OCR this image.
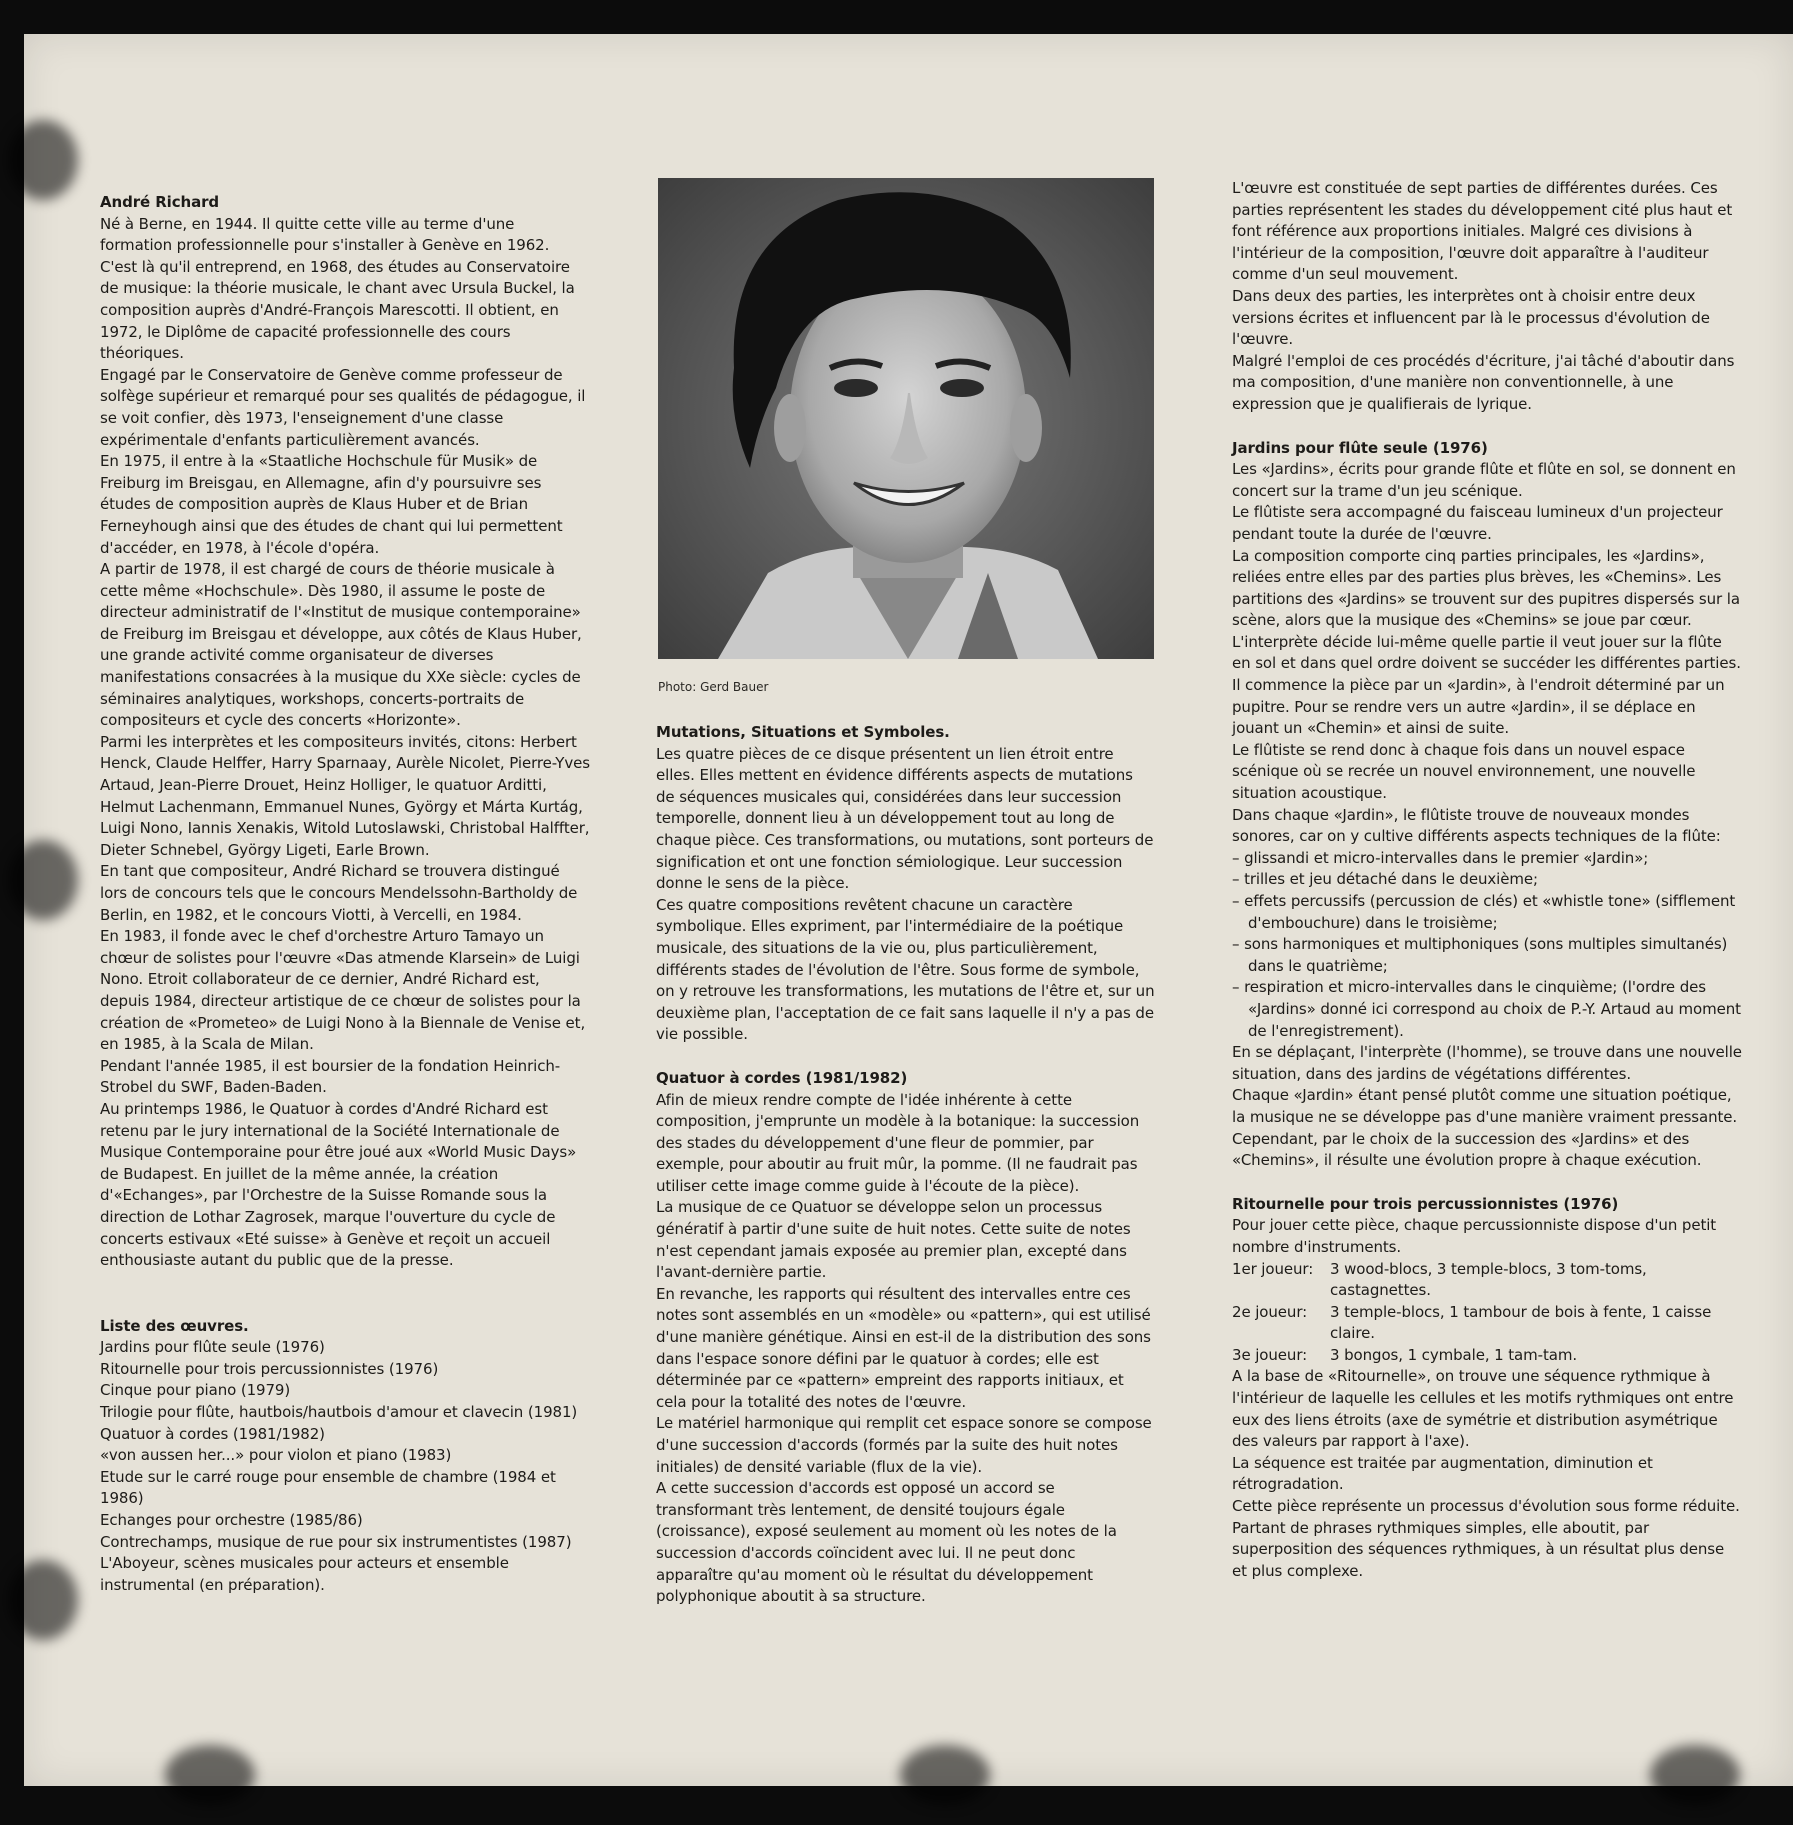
André Richard

Né à Berne, en 1944. Il quitte cette ville au terme d'une formation professionnelle pour s'installer à Genève en 1962. C'est là qu'il entreprend, en 1968, des études au Conservatoire de musique: la théorie musicale, le chant avec Ursula Buckel, la composition auprès d'André-François Marescotti. Il obtient, en 1972, le Diplôme de capacité professionnelle des cours théoriques.

Engagé par le Conservatoire de Genève comme professeur de solfège supérieur et remarqué pour ses qualités de pédagogue, il se voit confier, dès 1973, l'enseignement d'une classe expérimentale d'enfants particulièrement avancés.

En 1975, il entre à la «Staatliche Hochschule für Musik» de Freiburg im Breisgau, en Allemagne, afin d'y poursuivre ses études de composition auprès de Klaus Huber et de Brian Ferneyhough ainsi que des études de chant qui lui permettent d'accéder, en 1978, à l'école d'opéra.

A partir de 1978, il est chargé de cours de théorie musicale à cette même «Hochschule». Dès 1980, il assume le poste de directeur administratif de l'«Institut de musique contemporaine» de Freiburg im Breisgau et développe, aux côtés de Klaus Huber, une grande activité comme organisateur de diverses manifestations consacrées à la musique du XXe siècle: cycles de séminaires analytiques, workshops, concerts-portraits de compositeurs et cycle des concerts «Horizonte».

Parmi les interprètes et les compositeurs invités, citons: Herbert Henck, Claude Helffer, Harry Sparnaay, Aurèle Nicolet, Pierre-Yves Artaud, Jean-Pierre Drouet, Heinz Holliger, le quatuor Arditti, Helmut Lachenmann, Emmanuel Nunes, György et Márta Kurtág, Luigi Nono, Iannis Xenakis, Witold Lutoslawski, Christobal Halffter, Dieter Schnebel, György Ligeti, Earle Brown.

En tant que compositeur, André Richard se trouvera distingué lors de concours tels que le concours Mendelssohn-Bartholdy de Berlin, en 1982, et le concours Viotti, à Vercelli, en 1984.

En 1983, il fonde avec le chef d'orchestre Arturo Tamayo un chœur de solistes pour l'œuvre «Das atmende Klarsein» de Luigi Nono. Etroit collaborateur de ce dernier, André Richard est, depuis 1984, directeur artistique de ce chœur de solistes pour la création de «Prometeo» de Luigi Nono à la Biennale de Venise et, en 1985, à la Scala de Milan.

Pendant l'année 1985, il est boursier de la fondation Heinrich-Strobel du SWF, Baden-Baden.

Au printemps 1986, le Quatuor à cordes d'André Richard est retenu par le jury international de la Société Internationale de Musique Contemporaine pour être joué aux «World Music Days» de Budapest. En juillet de la même année, la création d'«Echanges», par l'Orchestre de la Suisse Romande sous la direction de Lothar Zagrosek, marque l'ouverture du cycle de concerts estivaux «Eté suisse» à Genève et reçoit un accueil enthousiaste autant du public que de la presse.

Liste des œuvres.

Jardins pour flûte seule (1976)

Ritournelle pour trois percussionnistes (1976)

Cinque pour piano (1979)

Trilogie pour flûte, hautbois/hautbois d'amour et clavecin (1981)

Quatuor à cordes (1981/1982)

«von aussen her...» pour violon et piano (1983)

Etude sur le carré rouge pour ensemble de chambre (1984 et 1986)

Echanges pour orchestre (1985/86)

Contrechamps, musique de rue pour six instrumentistes (1987)

L'Aboyeur, scènes musicales pour acteurs et ensemble instrumental (en préparation).

Photo: Gerd Bauer
Mutations, Situations et Symboles.

Les quatre pièces de ce disque présentent un lien étroit entre elles. Elles mettent en évidence différents aspects de mutations de séquences musicales qui, considérées dans leur succession temporelle, donnent lieu à un développement tout au long de chaque pièce. Ces transformations, ou mutations, sont porteurs de signification et ont une fonction sémiologique. Leur succession donne le sens de la pièce.

Ces quatre compositions revêtent chacune un caractère symbolique. Elles expriment, par l'intermédiaire de la poétique musicale, des situations de la vie ou, plus particulièrement, différents stades de l'évolution de l'être. Sous forme de symbole, on y retrouve les transformations, les mutations de l'être et, sur un deuxième plan, l'acceptation de ce fait sans laquelle il n'y a pas de vie possible.

Quatuor à cordes (1981/1982)

Afin de mieux rendre compte de l'idée inhérente à cette composition, j'emprunte un modèle à la botanique: la succession des stades du développement d'une fleur de pommier, par exemple, pour aboutir au fruit mûr, la pomme. (Il ne faudrait pas utiliser cette image comme guide à l'écoute de la pièce).

La musique de ce Quatuor se développe selon un processus génératif à partir d'une suite de huit notes. Cette suite de notes n'est cependant jamais exposée au premier plan, excepté dans l'avant-dernière partie.

En revanche, les rapports qui résultent des intervalles entre ces notes sont assemblés en un «modèle» ou «pattern», qui est utilisé d'une manière génétique. Ainsi en est-il de la distribution des sons dans l'espace sonore défini par le quatuor à cordes; elle est déterminée par ce «pattern» empreint des rapports initiaux, et cela pour la totalité des notes de l'œuvre.

Le matériel harmonique qui remplit cet espace sonore se compose d'une succession d'accords (formés par la suite des huit notes initiales) de densité variable (flux de la vie).

A cette succession d'accords est opposé un accord se transformant très lentement, de densité toujours égale (croissance), exposé seulement au moment où les notes de la succession d'accords coïncident avec lui. Il ne peut donc apparaître qu'au moment où le résultat du développement polyphonique aboutit à sa structure.

L'œuvre est constituée de sept parties de différentes durées. Ces parties représentent les stades du développement cité plus haut et font référence aux proportions initiales. Malgré ces divisions à l'intérieur de la composition, l'œuvre doit apparaître à l'auditeur comme d'un seul mouvement.

Dans deux des parties, les interprètes ont à choisir entre deux versions écrites et influencent par là le processus d'évolution de l'œuvre.

Malgré l'emploi de ces procédés d'écriture, j'ai tâché d'aboutir dans ma composition, d'une manière non conventionnelle, à une expression que je qualifierais de lyrique.

Jardins pour flûte seule (1976)

Les «Jardins», écrits pour grande flûte et flûte en sol, se donnent en concert sur la trame d'un jeu scénique.

Le flûtiste sera accompagné du faisceau lumineux d'un projecteur pendant toute la durée de l'œuvre.

La composition comporte cinq parties principales, les «Jardins», reliées entre elles par des parties plus brèves, les «Chemins». Les partitions des «Jardins» se trouvent sur des pupitres dispersés sur la scène, alors que la musique des «Chemins» se joue par cœur.

L'interprète décide lui-même quelle partie il veut jouer sur la flûte en sol et dans quel ordre doivent se succéder les différentes parties. Il commence la pièce par un «Jardin», à l'endroit déterminé par un pupitre. Pour se rendre vers un autre «Jardin», il se déplace en jouant un «Chemin» et ainsi de suite.

Le flûtiste se rend donc à chaque fois dans un nouvel espace scénique où se recrée un nouvel environnement, une nouvelle situation acoustique.

Dans chaque «Jardin», le flûtiste trouve de nouveaux mondes sonores, car on y cultive différents aspects techniques de la flûte:

– glissandi et micro-intervalles dans le premier «Jardin»;
– trilles et jeu détaché dans le deuxième;
– effets percussifs (percussion de clés) et «whistle tone» (sifflement d'embouchure) dans le troisième;
– sons harmoniques et multiphoniques (sons multiples simultanés) dans le quatrième;
– respiration et micro-intervalles dans le cinquième; (l'ordre des «Jardins» donné ici correspond au choix de P.-Y. Artaud au moment de l'enregistrement).

En se déplaçant, l'interprète (l'homme), se trouve dans une nouvelle situation, dans des jardins de végétations différentes.

Chaque «Jardin» étant pensé plutôt comme une situation poétique, la musique ne se développe pas d'une manière vraiment pressante. Cependant, par le choix de la succession des «Jardins» et des «Chemins», il résulte une évolution propre à chaque exécution.

Ritournelle pour trois percussionnistes (1976)

Pour jouer cette pièce, chaque percussionniste dispose d'un petit nombre d'instruments.

1er joueur:	3 wood-blocs, 3 temple-blocs, 3 tom-toms, castagnettes.
2e joueur:	3 temple-blocs, 1 tambour de bois à fente, 1 caisse claire.
3e joueur:	3 bongos, 1 cymbale, 1 tam-tam.

A la base de «Ritournelle», on trouve une séquence rythmique à l'intérieur de laquelle les cellules et les motifs rythmiques ont entre eux des liens étroits (axe de symétrie et distribution asymétrique des valeurs par rapport à l'axe).

La séquence est traitée par augmentation, diminution et rétrogradation.

Cette pièce représente un processus d'évolution sous forme réduite. Partant de phrases rythmiques simples, elle aboutit, par superposition des séquences rythmiques, à un résultat plus dense et plus complexe.
